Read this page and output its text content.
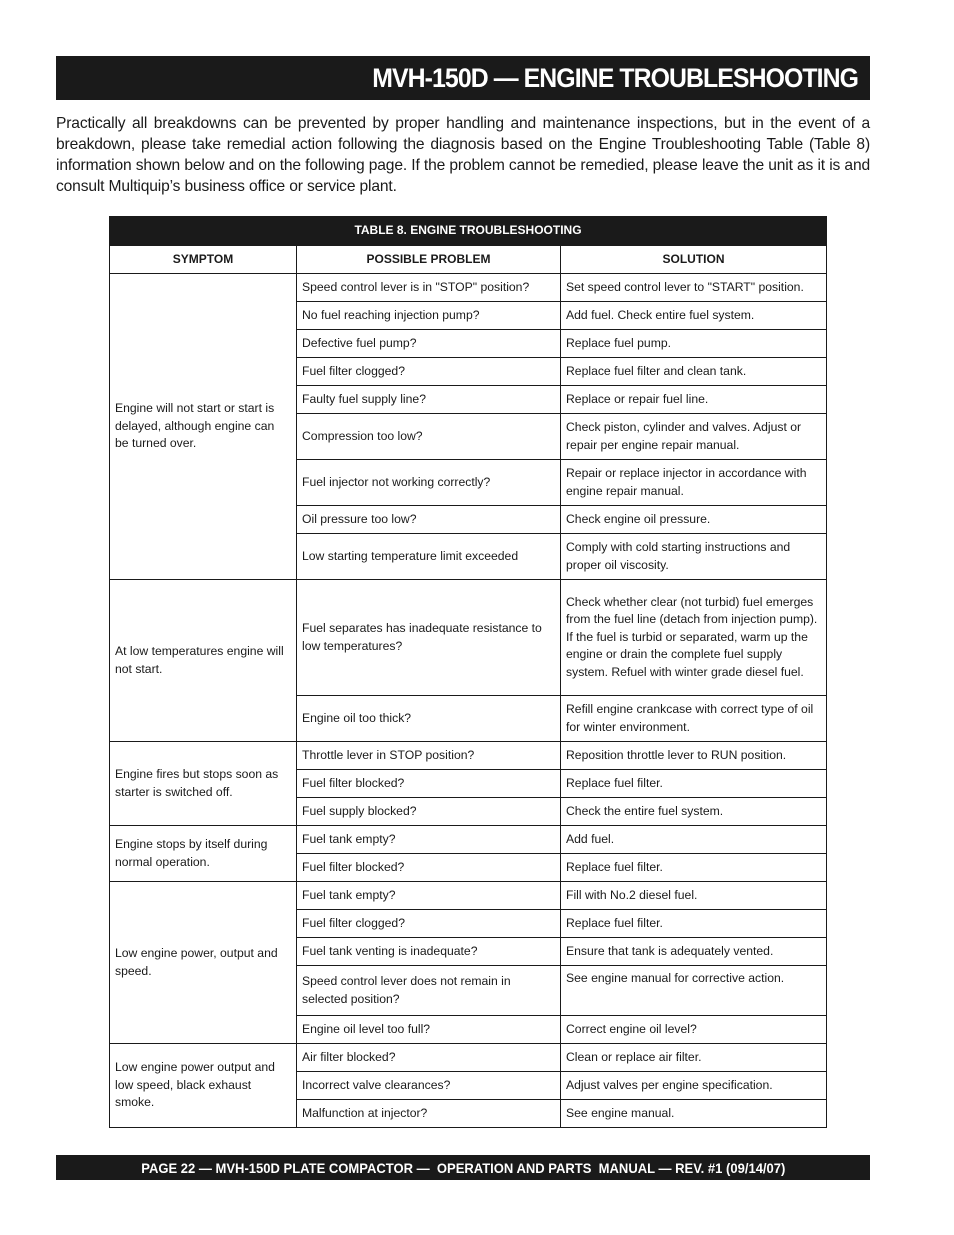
MVH-150D — ENGINE TROUBLESHOOTING

Practically all breakdowns can be prevented by proper handling and maintenance inspections, but in the event of a breakdown, please take remedial action following the diagnosis based on the Engine Troubleshooting Table (Table 8) information shown below and on the following page. If the problem cannot be remedied, please leave the unit as it is and consult Multiquip’s business office or service plant.

TABLE 8. ENGINE TROUBLESHOOTING		
SYMPTOM	POSSIBLE PROBLEM	SOLUTION
Engine will not start or start is delayed, although engine can be turned over.	Speed control lever is in "STOP" position?	Set speed control lever to "START" position.
	No fuel reaching injection pump?	Add fuel. Check entire fuel system.
	Defective fuel pump?	Replace fuel pump.
	Fuel filter clogged?	Replace fuel filter and clean tank.
	Faulty fuel supply line?	Replace or repair fuel line.
	Compression too low?	Check piston, cylinder and valves. Adjust or repair per engine repair manual.
	Fuel injector not working correctly?	Repair or replace injector in accordance with engine repair manual.
	Oil pressure too low?	Check engine oil pressure.
	Low starting temperature limit exceeded	Comply with cold starting instructions and proper oil viscosity.
At low temperatures engine will not start.	Fuel separates has inadequate resistance to low temperatures?	Check whether clear (not turbid) fuel emerges from the fuel line (detach from injection pump). If the fuel is turbid or separated, warm up the engine or drain the complete fuel supply system. Refuel with winter grade diesel fuel.
	Engine oil too thick?	Refill engine crankcase with correct type of oil for winter environment.
Engine fires but stops soon as starter is switched off.	Throttle lever in STOP position?	Reposition throttle lever to RUN position.
	Fuel filter blocked?	Replace fuel filter.
	Fuel supply blocked?	Check the entire fuel system.
Engine stops by itself during normal operation.	Fuel tank empty?	Add fuel.
	Fuel filter blocked?	Replace fuel filter.
Low engine power, output and speed.	Fuel tank empty?	Fill with No.2 diesel fuel.
	Fuel filter clogged?	Replace fuel filter.
	Fuel tank venting is inadequate?	Ensure that tank is adequately vented.
	Speed control lever does not remain in selected position?	See engine manual for corrective action.
	Engine oil level too full?	Correct engine oil level?
Low engine power output and low speed, black exhaust smoke.	Air filter blocked?	Clean or replace air filter.
	Incorrect valve clearances?	Adjust valves per engine specification.
	Malfunction at injector?	See engine manual.
PAGE 22 — MVH-150D PLATE COMPACTOR —  OPERATION AND PARTS  MANUAL — REV. #1 (09/14/07)
